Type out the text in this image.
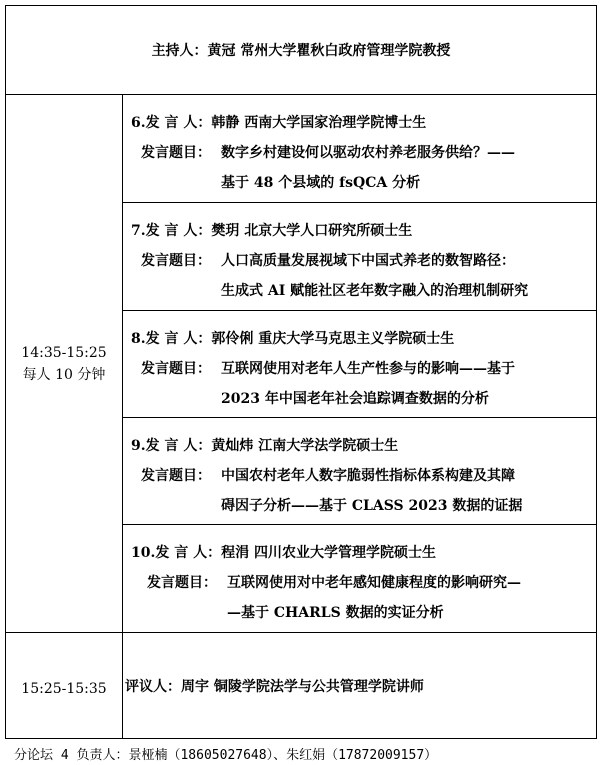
主持人：黄冠 常州大学瞿秋白政府管理学院教授
14:35-15:25
每人 10 分钟
6.发 言 人：韩静 西南大学国家治理学院博士生
发言题目： 数字乡村建设何以驱动农村养老服务供给？——
基于 48 个县域的 fsQCA 分析
7.发 言 人：樊玥 北京大学人口研究所硕士生
发言题目： 人口高质量发展视域下中国式养老的数智路径：
生成式 AI 赋能社区老年数字融入的治理机制研究
8.发 言 人：郭伶俐 重庆大学马克思主义学院硕士生
发言题目： 互联网使用对老年人生产性参与的影响——基于
2023 年中国老年社会追踪调查数据的分析
9.发 言 人：黄灿炜 江南大学法学院硕士生
发言题目： 中国农村老年人数字脆弱性指标体系构建及其障
碍因子分析——基于 CLASS 2023 数据的证据
10.发 言 人：程涓 四川农业大学管理学院硕士生
发言题目： 互联网使用对中老年感知健康程度的影响研究—
—基于 CHARLS 数据的实证分析
15:25-15:35	评议人：周宇 铜陵学院法学与公共管理学院讲师
分论坛 4 负责人：景桠楠（18605027648）、朱红娟（17872009157）
